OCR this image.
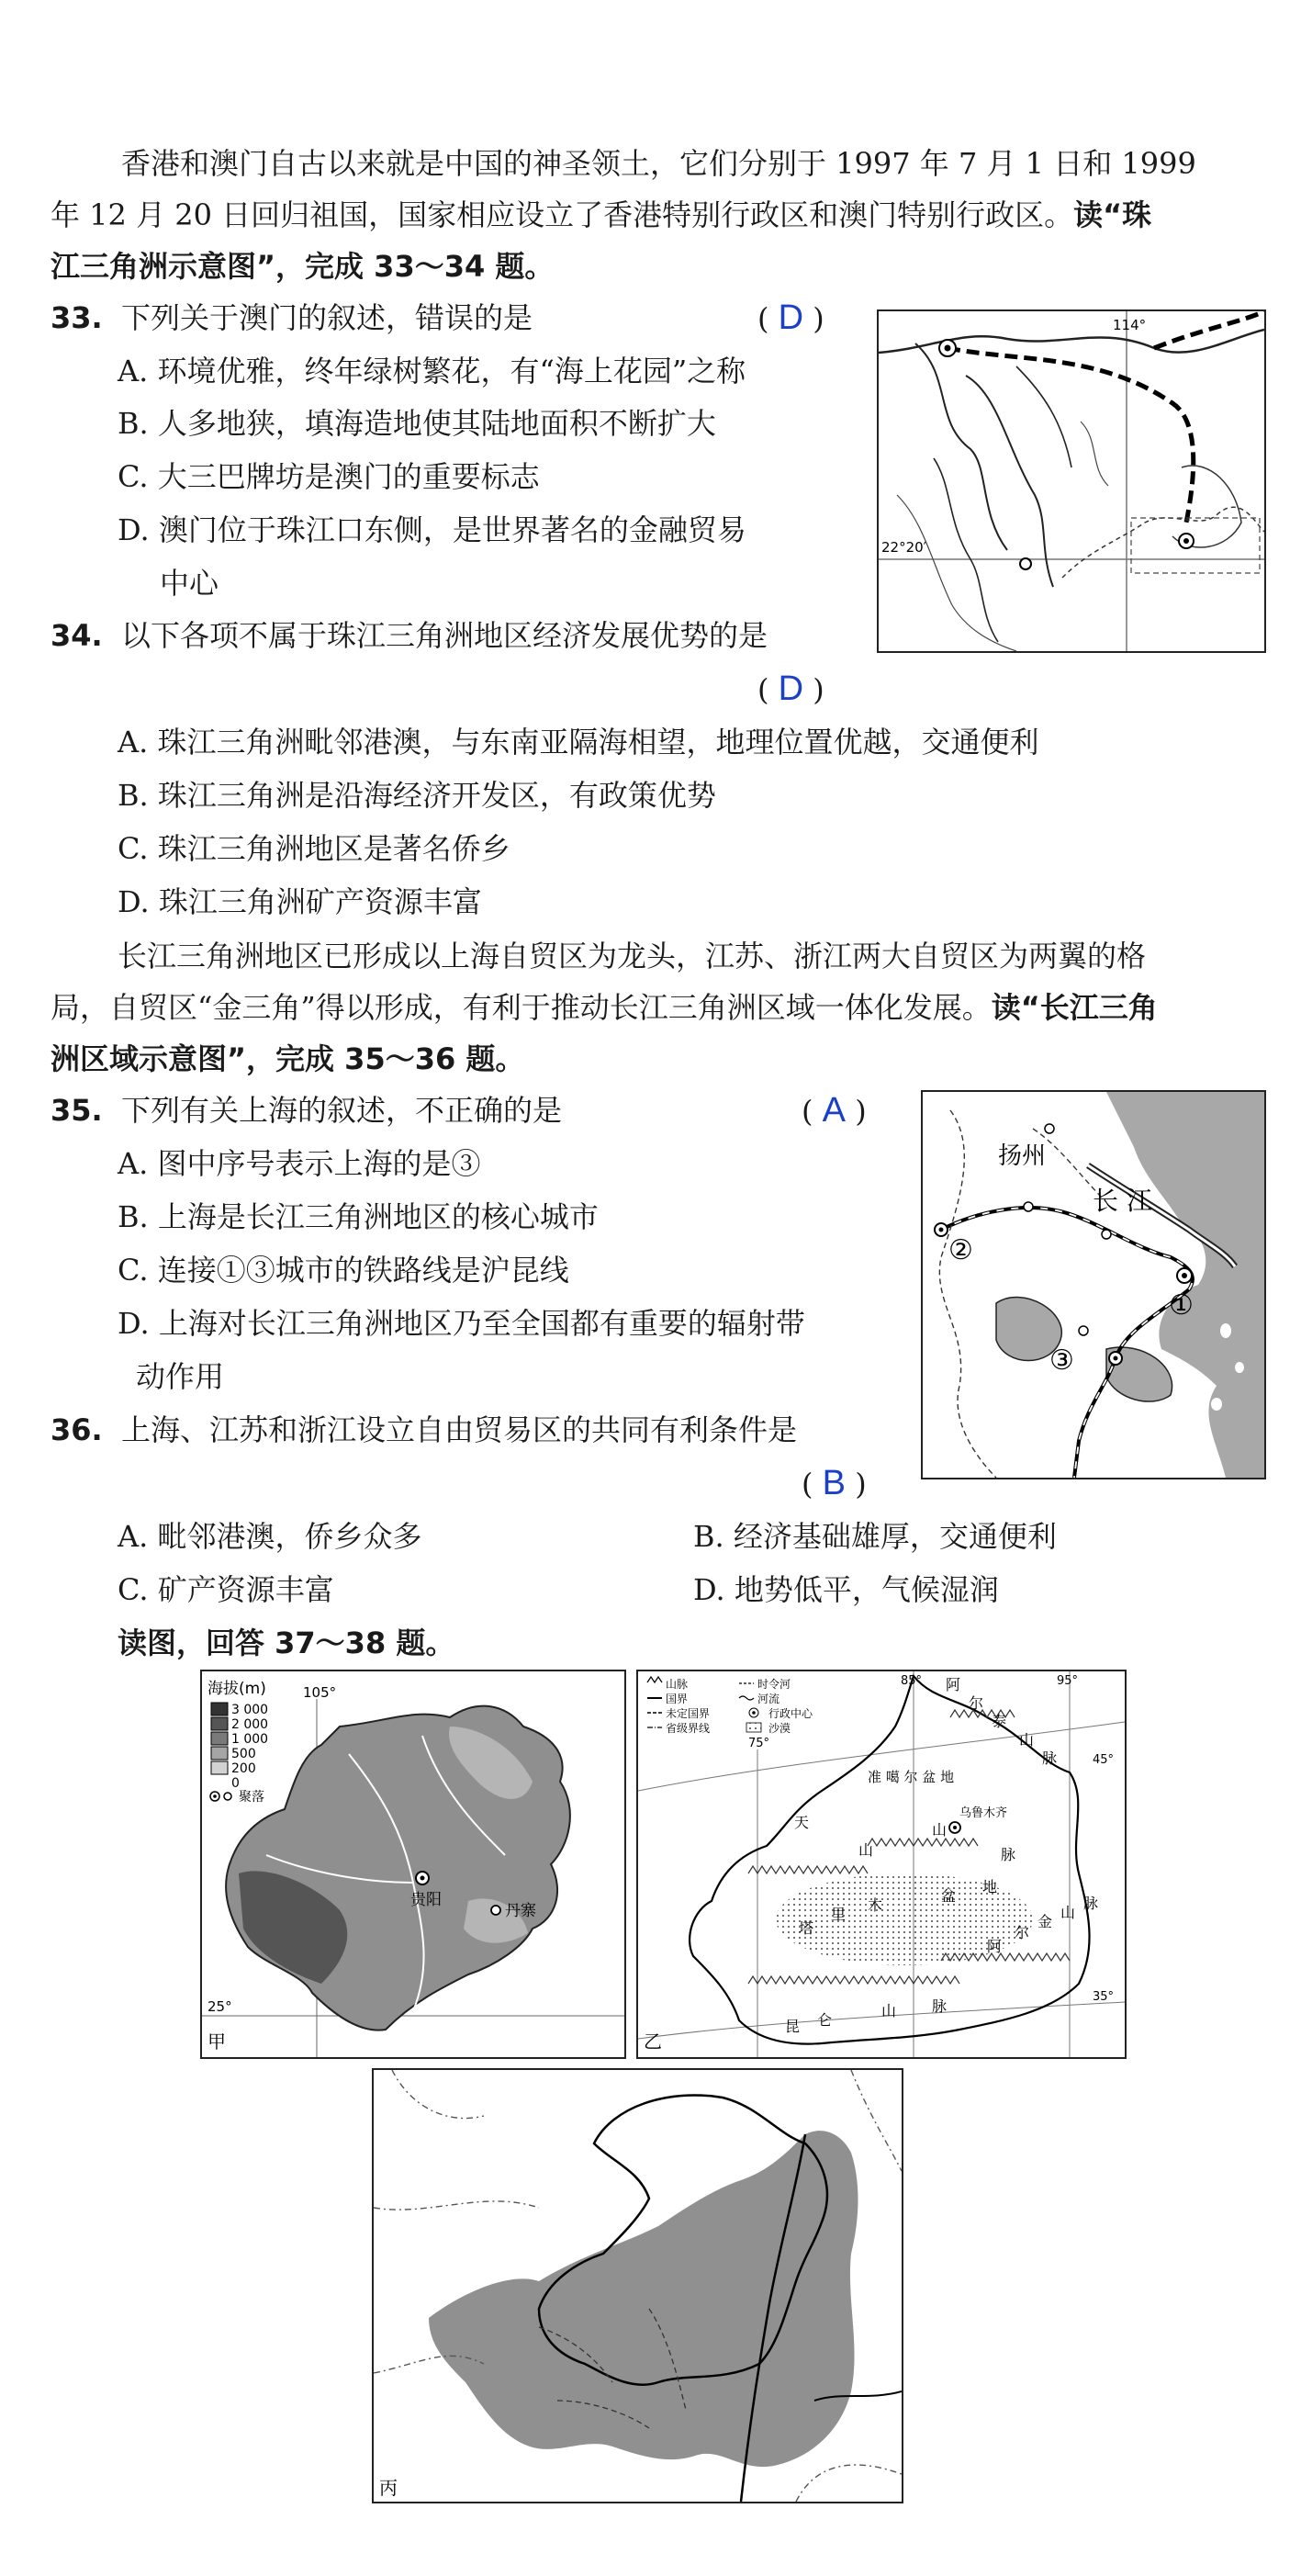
香港和澳门自古以来就是中国的神圣领土，它们分别于 1997 年 7 月 1 日和 1999
年 12 月 20 日回归祖国，国家相应设立了香港特别行政区和澳门特别行政区。读“珠
江三角洲示意图”，完成 33～34 题。
33. 下列关于澳门的叙述，错误的是	( D )
A. 环境优雅，终年绿树繁花，有“海上花园”之称
B. 人多地狭，填海造地使其陆地面积不断扩大
C. 大三巴牌坊是澳门的重要标志
D. 澳门位于珠江口东侧，是世界著名的金融贸易
中心
114°
22°20′
34. 以下各项不属于珠江三角洲地区经济发展优势的是
( D )
A. 珠江三角洲毗邻港澳，与东南亚隔海相望，地理位置优越，交通便利
B. 珠江三角洲是沿海经济开发区，有政策优势
C. 珠江三角洲地区是著名侨乡
D. 珠江三角洲矿产资源丰富
长江三角洲地区已形成以上海自贸区为龙头，江苏、浙江两大自贸区为两翼的格
局，自贸区“金三角”得以形成，有利于推动长江三角洲区域一体化发展。读“长江三角
洲区域示意图”，完成 35～36 题。
35. 下列有关上海的叙述，不正确的是	( A )
A. 图中序号表示上海的是③
B. 上海是长江三角洲地区的核心城市
C. 连接①③城市的铁路线是沪昆线
D. 上海对长江三角洲地区乃至全国都有重要的辐射带
动作用
扬州
长 江
①
②
③
36. 上海、江苏和浙江设立自由贸易区的共同有利条件是
( B )
A. 毗邻港澳，侨乡众多	B. 经济基础雄厚，交通便利
C. 矿产资源丰富	D. 地势低平，气候湿润
读图，回答 37～38 题。
海拔(m)
3 000
2 000
1 000
500
200
0
聚落
105°
25°
贵阳
丹寨
甲
山脉	时令河
国界	河流
未定国界	行政中心
省级界线	沙漠
85°	95°
75°
45°
35°
准 噶 尔 盆 地
乌鲁木齐
塔
里
木
盆
地
阿
尔
泰
山
脉
天
山
山
脉
阿
尔
金
山
脉
昆 仑
山 脉
乙
丙
